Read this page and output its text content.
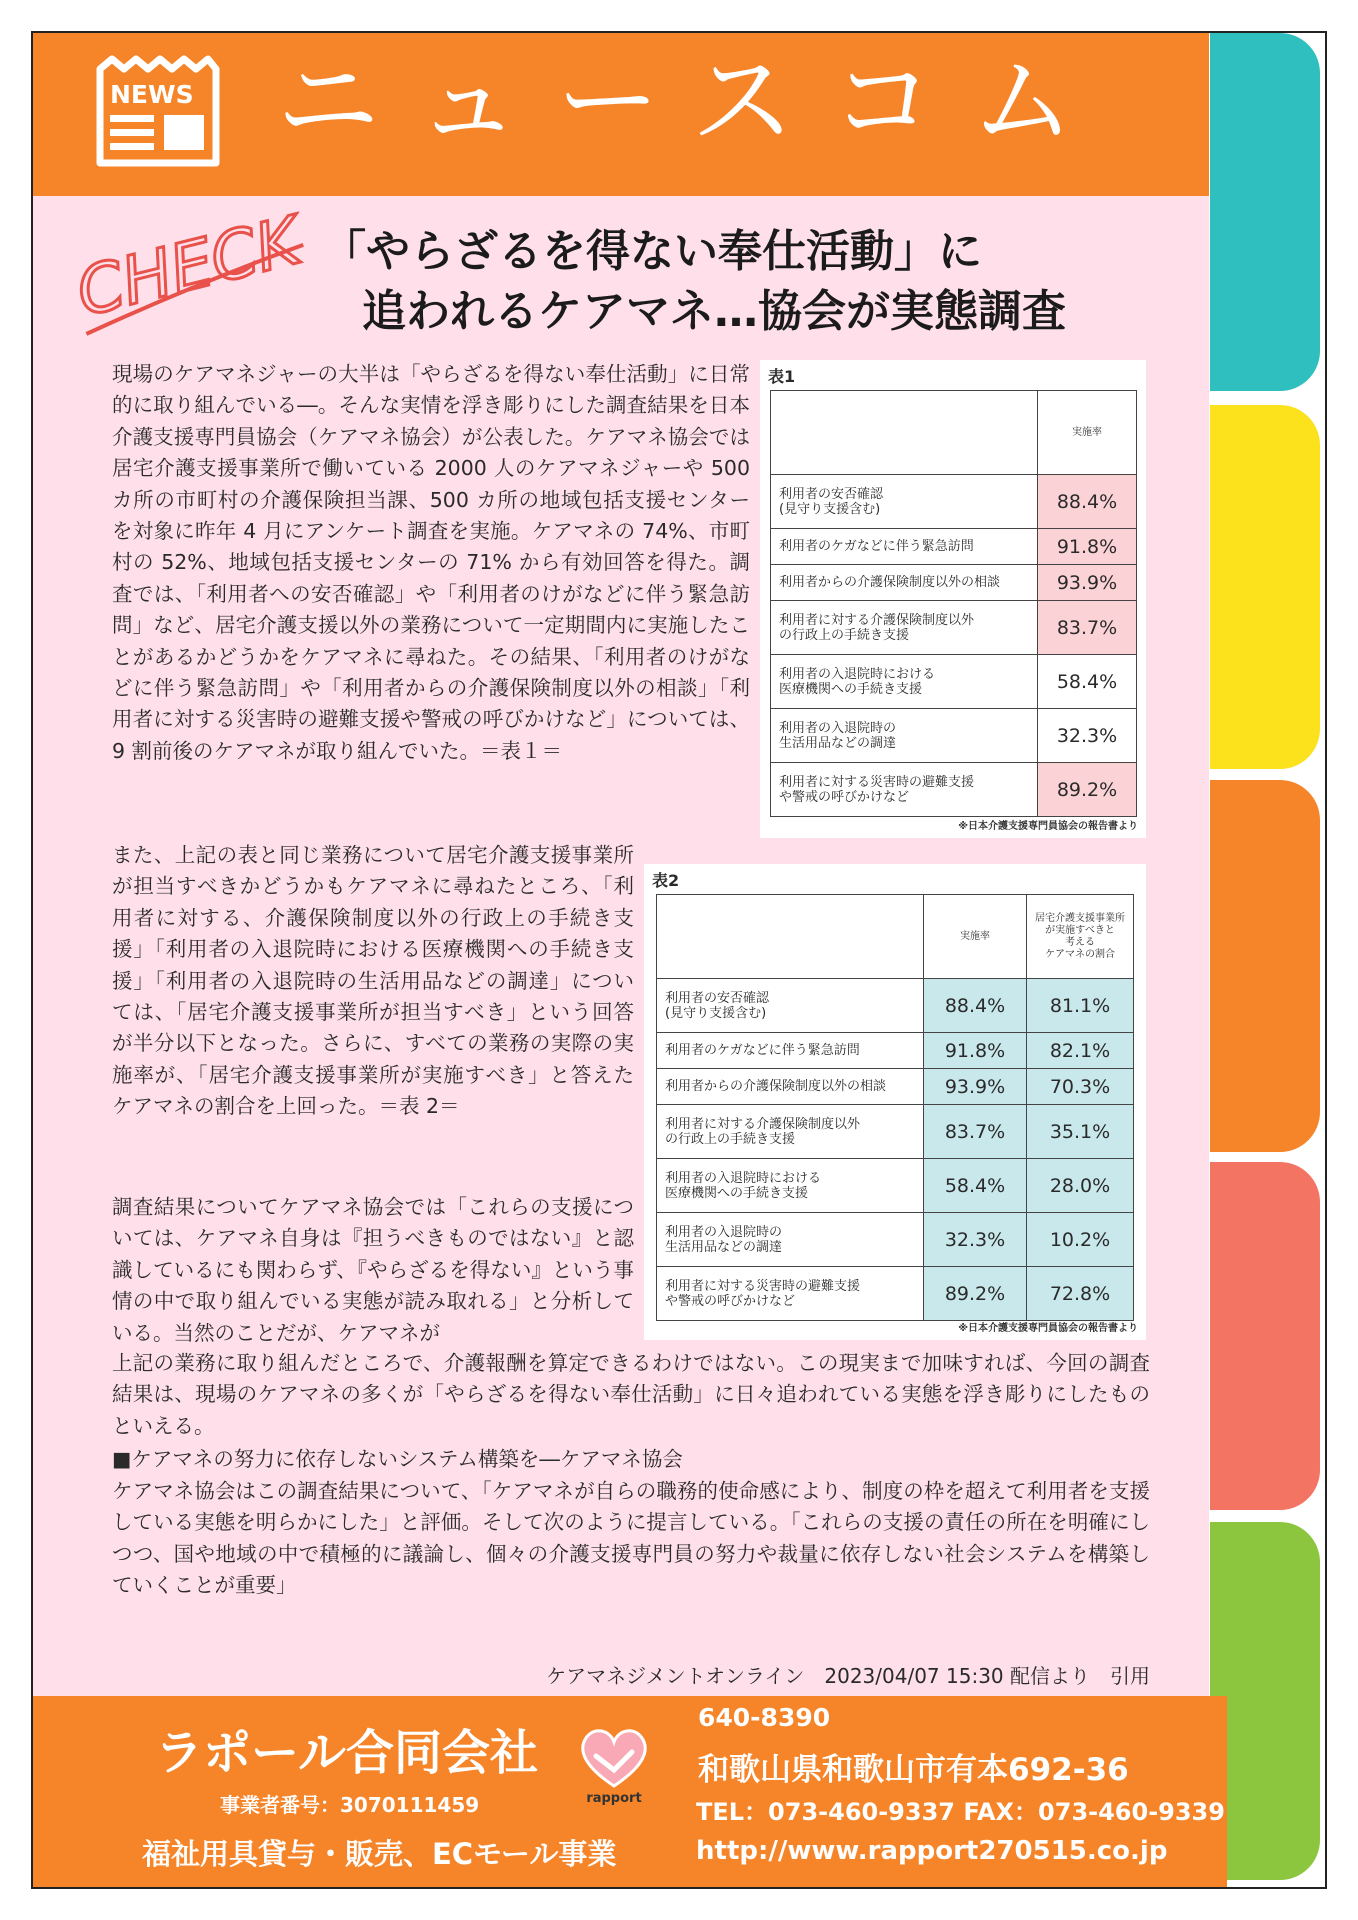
NEWS ニュースコム
CHECK 「やらざるを得ない奉仕活動」に
追われるケアマネ…協会が実態調査
現場のケアマネジャーの大半は「やらざるを得ない奉仕活動」に日常的に取り組んでいる―。そんな実情を浮き彫りにした調査結果を日本介護支援専門員協会（ケアマネ協会）が公表した。ケアマネ協会では居宅介護支援事業所で働いている 2000 人のケアマネジャーや 500 カ所の市町村の介護保険担当課、500 カ所の地域包括支援センターを対象に昨年 4 月にアンケート調査を実施。ケアマネの 74%、市町村の 52%、地域包括支援センターの 71% から有効回答を得た。調査では、「利用者への安否確認」や「利用者のけがなどに伴う緊急訪問」など、居宅介護支援以外の業務について一定期間内に実施したことがあるかどうかをケアマネに尋ねた。その結果、「利用者のけがなどに伴う緊急訪問」や「利用者からの介護保険制度以外の相談」「利用者に対する災害時の避難支援や警戒の呼びかけなど」については、9 割前後のケアマネが取り組んでいた。＝表１＝
また、上記の表と同じ業務について居宅介護支援事業所が担当すべきかどうかもケアマネに尋ねたところ、「利用者に対する、介護保険制度以外の行政上の手続き支援」「利用者の入退院時における医療機関への手続き支援」「利用者の入退院時の生活用品などの調達」については、「居宅介護支援事業所が担当すべき」という回答が半分以下となった。さらに、すべての業務の実際の実施率が、「居宅介護支援事業所が実施すべき」と答えたケアマネの割合を上回った。＝表 2＝
調査結果についてケアマネ協会では「これらの支援については、ケアマネ自身は『担うべきものではない』と認識しているにも関わらず、『やらざるを得ない』という事情の中で取り組んでいる実態が読み取れる」と分析している。当然のことだが、ケアマネが
上記の業務に取り組んだところで、介護報酬を算定できるわけではない。この現実まで加味すれば、今回の調査結果は、現場のケアマネの多くが「やらざるを得ない奉仕活動」に日々追われている実態を浮き彫りにしたものといえる。
■ケアマネの努力に依存しないシステム構築を―ケアマネ協会
ケアマネ協会はこの調査結果について、「ケアマネが自らの職務的使命感により、制度の枠を超えて利用者を支援している実態を明らかにした」と評価。そして次のように提言している。「これらの支援の責任の所在を明確にしつつ、国や地域の中で積極的に議論し、個々の介護支援専門員の努力や裁量に依存しない社会システムを構築していくことが重要」
ケアマネジメントオンライン　2023/04/07 15:30 配信より　引用
表1
	実施率
利用者の安否確認
(見守り支援含む)	88.4%
利用者のケガなどに伴う緊急訪問	91.8%
利用者からの介護保険制度以外の相談	93.9%
利用者に対する介護保険制度以外
の行政上の手続き支援	83.7%
利用者の入退院時における
医療機関への手続き支援	58.4%
利用者の入退院時の
生活用品などの調達	32.3%
利用者に対する災害時の避難支援
や警戒の呼びかけなど	89.2%
※日本介護支援専門員協会の報告書より
表2
	実施率	居宅介護支援事業所
が実施すべきと
考える
ケアマネの割合
利用者の安否確認
(見守り支援含む)	88.4%	81.1%
利用者のケガなどに伴う緊急訪問	91.8%	82.1%
利用者からの介護保険制度以外の相談	93.9%	70.3%
利用者に対する介護保険制度以外
の行政上の手続き支援	83.7%	35.1%
利用者の入退院時における
医療機関への手続き支援	58.4%	28.0%
利用者の入退院時の
生活用品などの調達	32.3%	10.2%
利用者に対する災害時の避難支援
や警戒の呼びかけなど	89.2%	72.8%
※日本介護支援専門員協会の報告書より
ラポール合同会社
rapport
事業者番号：3070111459
福祉用具貸与・販売、ECモール事業
640-8390
和歌山県和歌山市有本692-36
TEL：073-460-9337 FAX：073-460-9339
http://www.rapport270515.co.jp
